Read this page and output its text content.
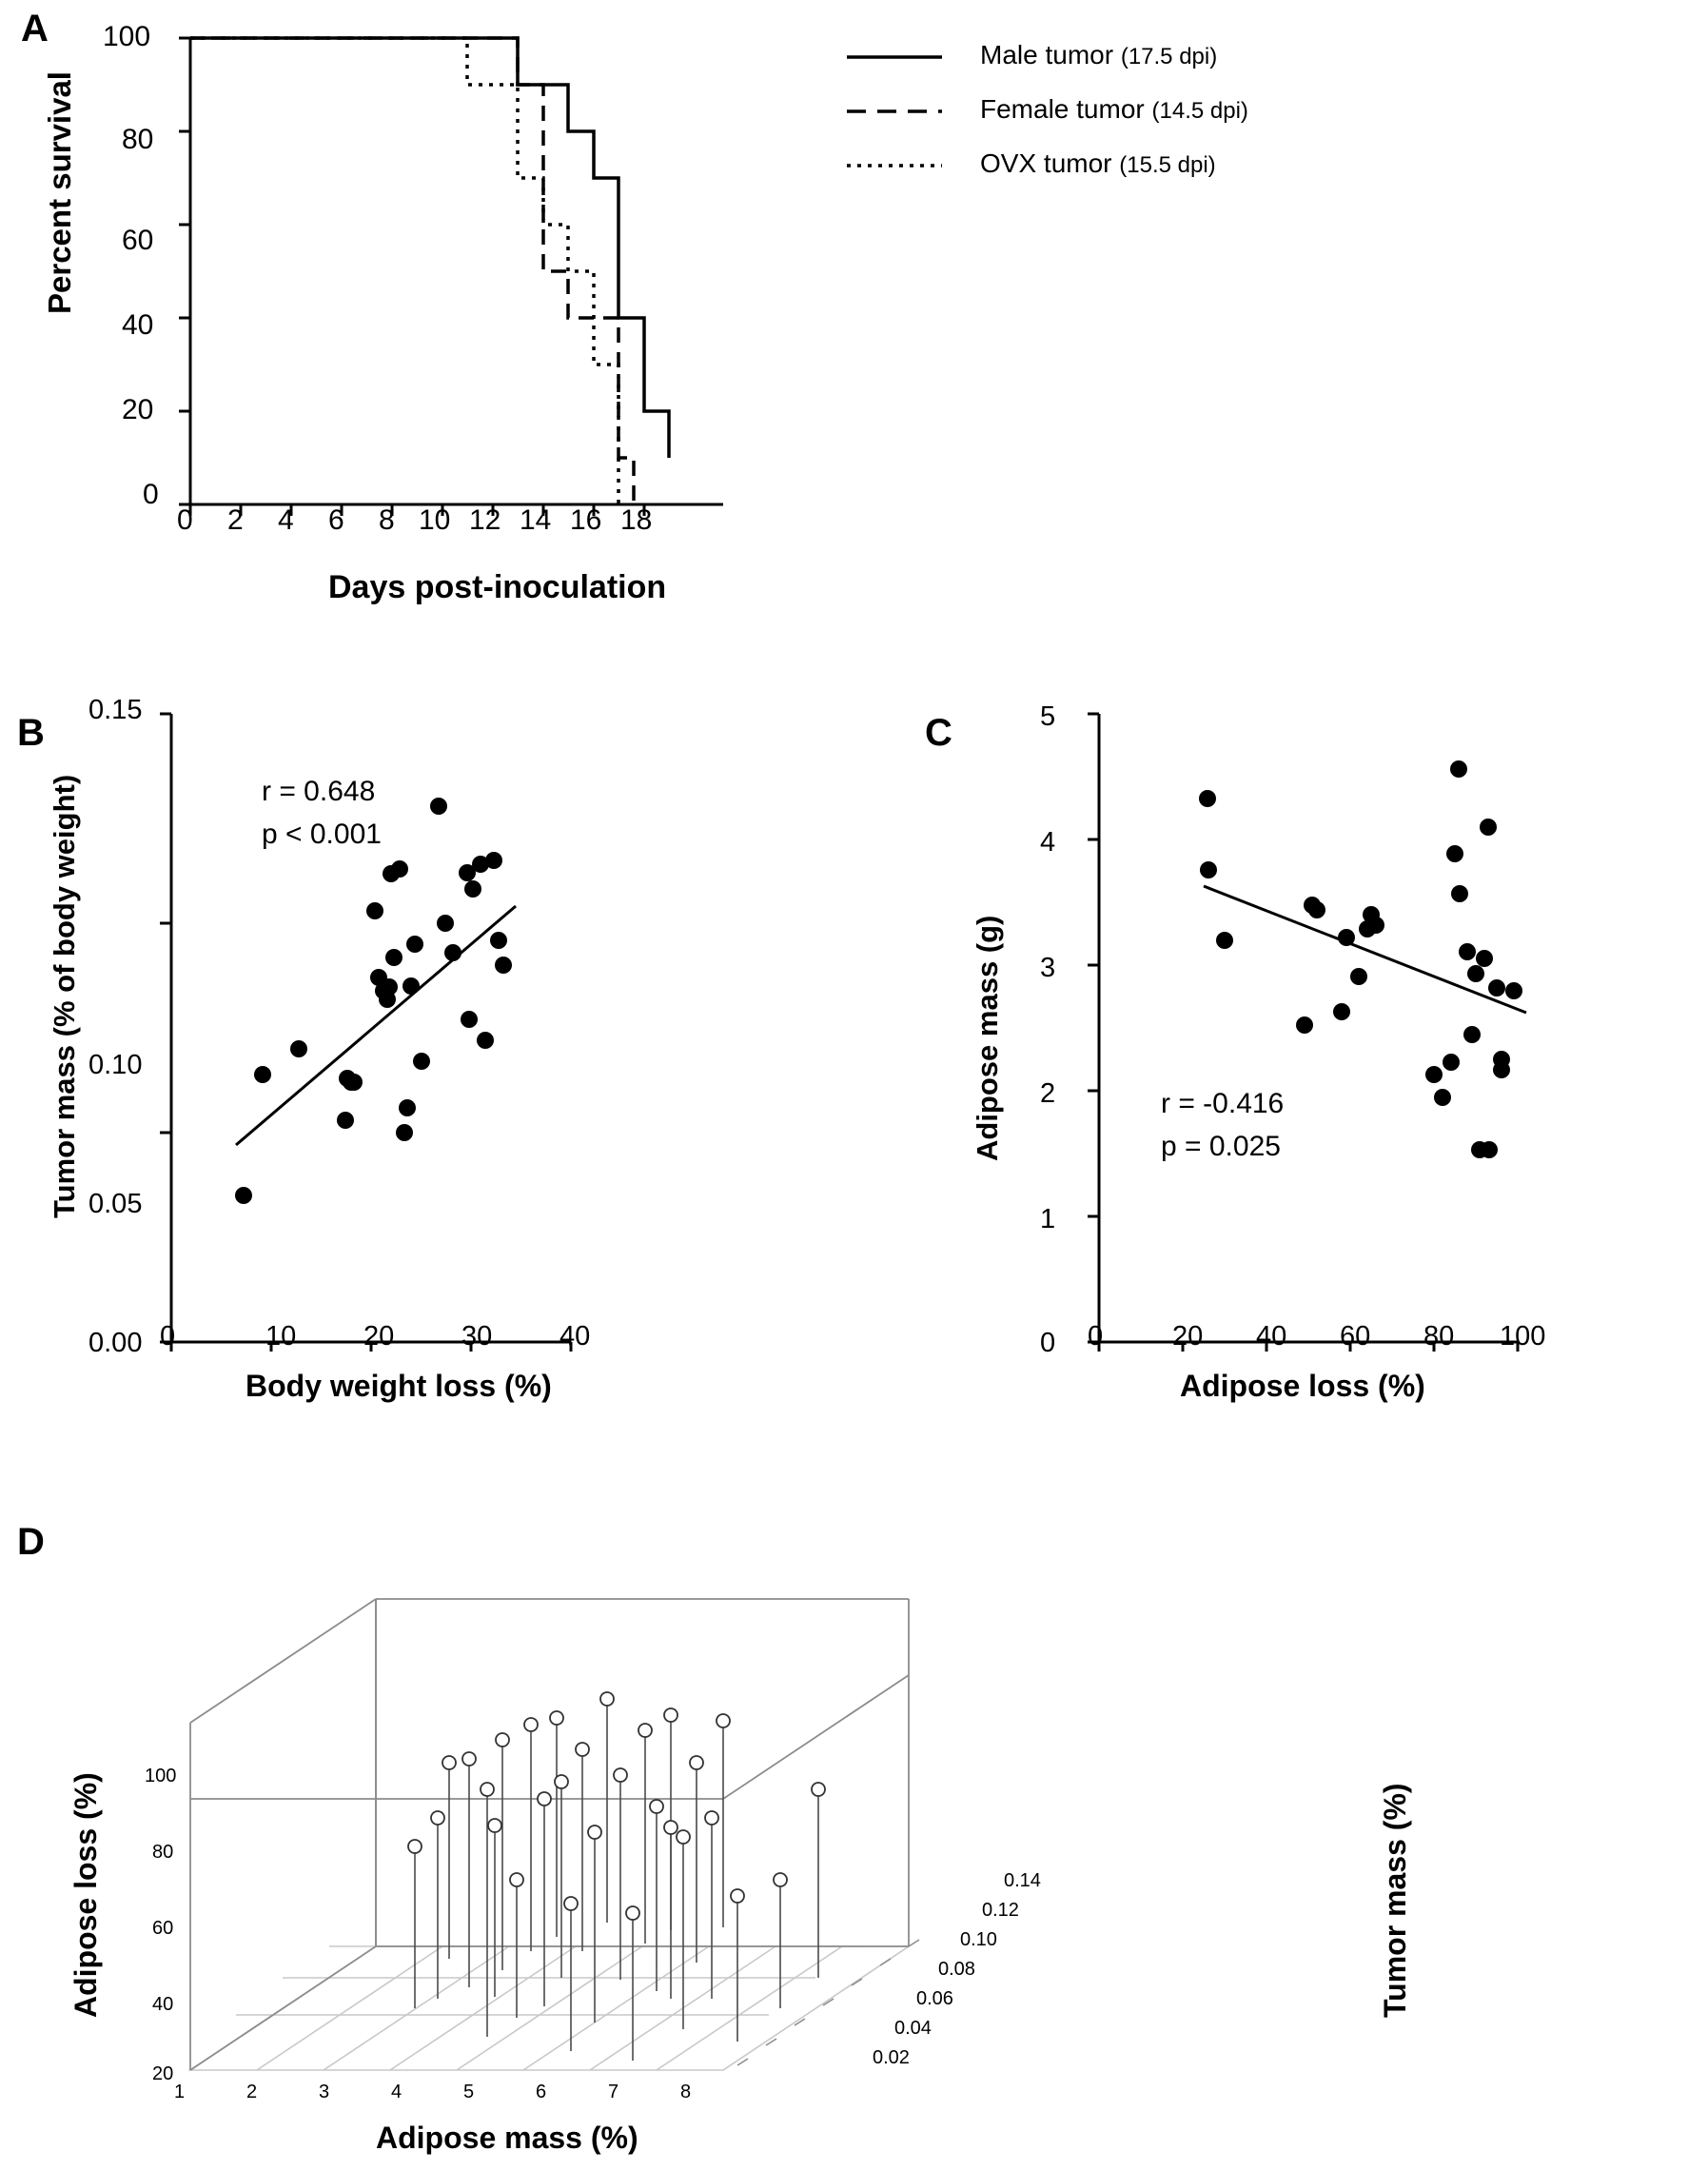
A
Percent survival
Days post-inoculation
0
20
40
60
80
100
0 2 4 6 8 10 12 14 16 18
Male tumor (17.5 dpi)
Female tumor (14.5 dpi)
OVX tumor (15.5 dpi)
B
Tumor mass (% of body weight)
Body weight loss (%)
0.00
0.05
0.10
0.15
0	10 20 30 40
r = 0.648
p < 0.001
C
Adipose mass (g)
Adipose loss (%)
0
1
2
3
4
5
0	20 40 60 80 100
r = -0.416
p = 0.025
D
Adipose loss (%)	Tumor mass (%)
Adipose mass (%)
100
80
60
40
20
1	2	3	4	5	6	7	8
0.14
0.12
0.10
0.08
0.06
0.04
0.02
